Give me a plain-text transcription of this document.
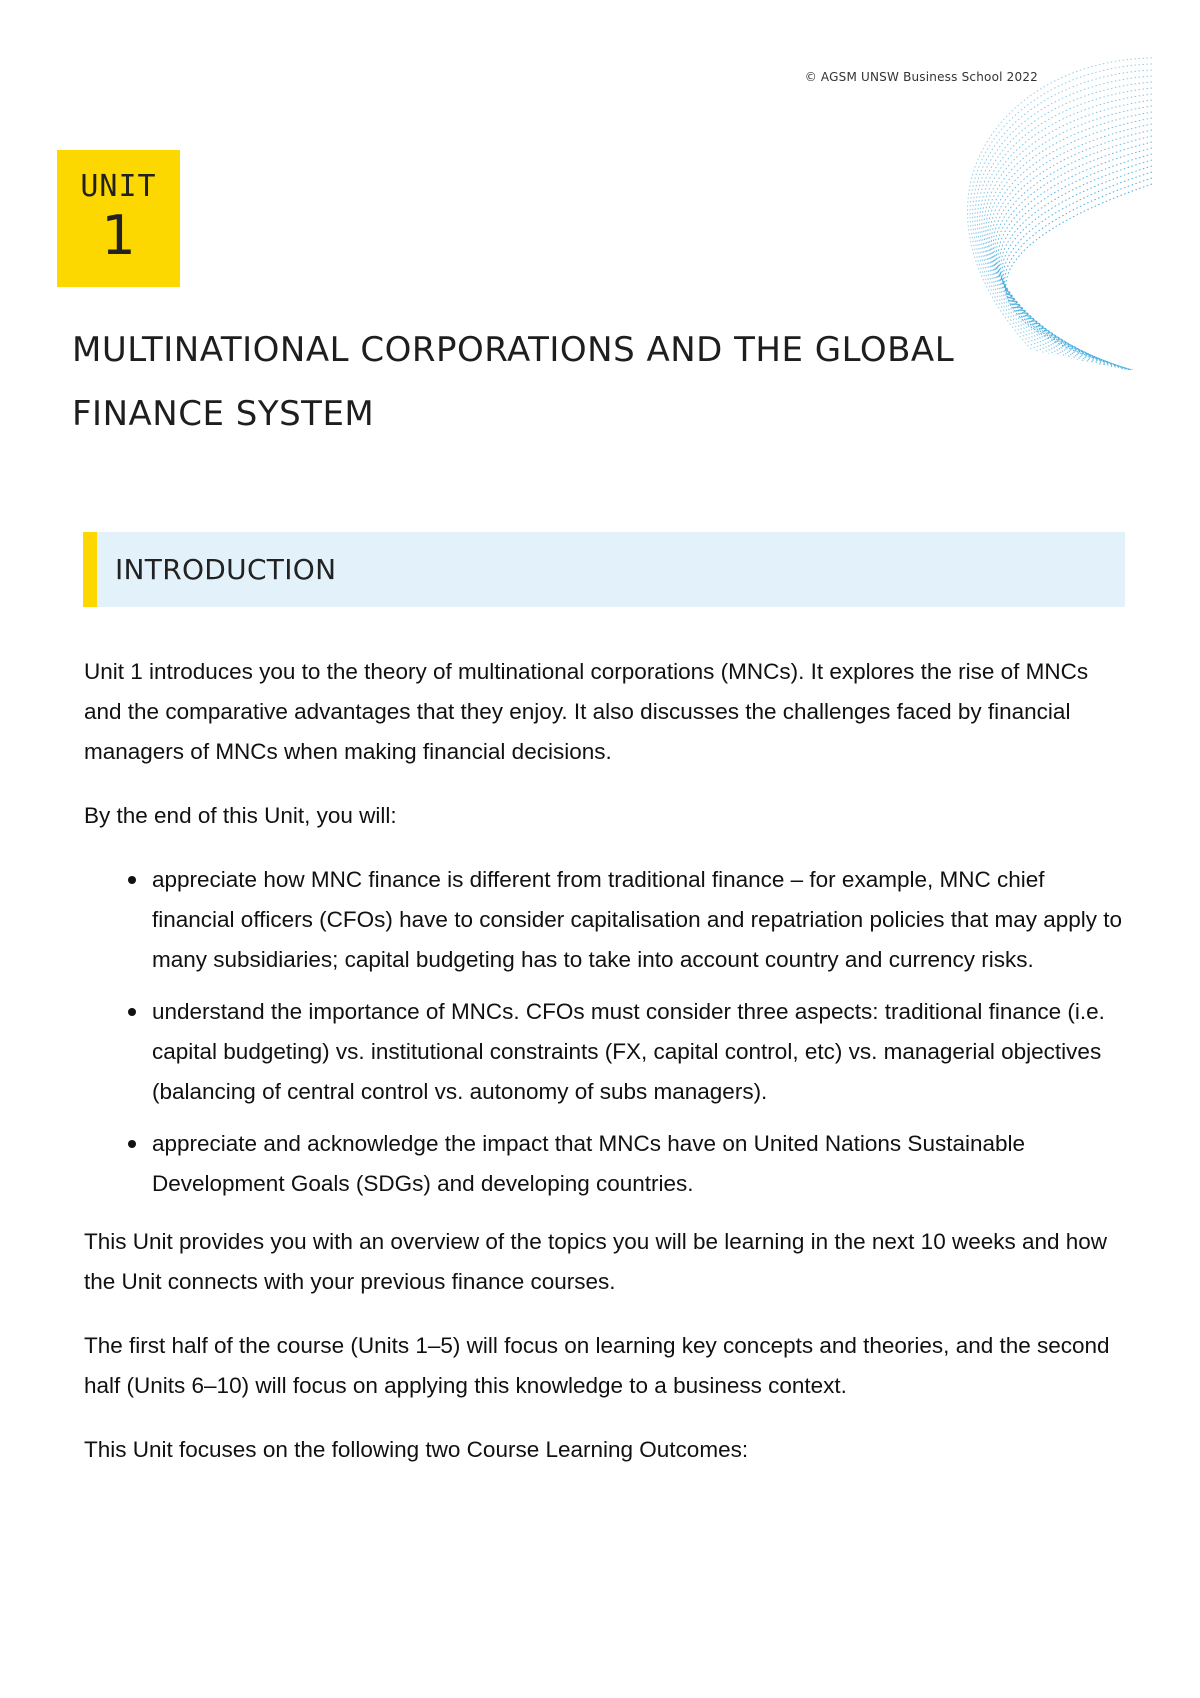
© AGSM UNSW Business School 2022
UNIT
1
MULTINATIONAL CORPORATIONS AND THE GLOBAL
FINANCE SYSTEM
INTRODUCTION

Unit 1 introduces you to the theory of multinational corporations (MNCs). It explores the rise of MNCs and the comparative advantages that they enjoy. It also discusses the challenges faced by financial managers of MNCs when making financial decisions.

By the end of this Unit, you will:

appreciate how MNC finance is different from traditional finance – for example, MNC chief financial officers (CFOs) have to consider capitalisation and repatriation policies that may apply to many subsidiaries; capital budgeting has to take into account country and currency risks.
understand the importance of MNCs. CFOs must consider three aspects: traditional finance (i.e. capital budgeting) vs. institutional constraints (FX, capital control, etc) vs. managerial objectives (balancing of central control vs. autonomy of subs managers).
appreciate and acknowledge the impact that MNCs have on United Nations Sustainable Development Goals (SDGs) and developing countries.

This Unit provides you with an overview of the topics you will be learning in the next 10 weeks and how the Unit connects with your previous finance courses.

The first half of the course (Units 1–5) will focus on learning key concepts and theories, and the second half (Units 6–10) will focus on applying this knowledge to a business context.

This Unit focuses on the following two Course Learning Outcomes:
